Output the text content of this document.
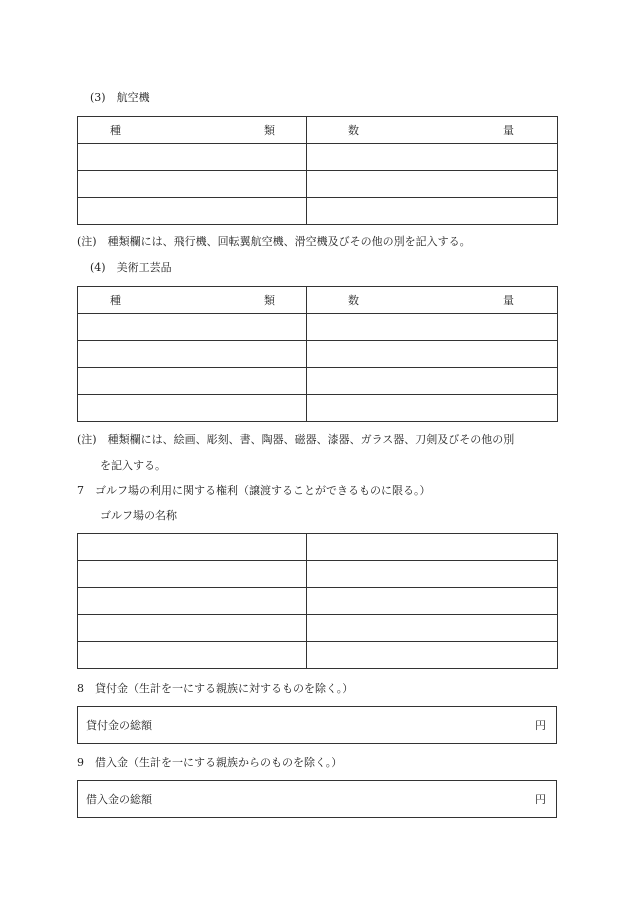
(3)　航空機
種 類	数 量

(注)　種類欄には、飛行機、回転翼航空機、滑空機及びその他の別を記入する。
(4)　美術工芸品
種 類	数 量

(注)　種類欄には、絵画、彫刻、書、陶器、磁器、漆器、ガラス器、刀剣及びその他の別
を記入する。
7　ゴルフ場の利用に関する権利（譲渡することができるものに限る。）
ゴルフ場の名称

8　貸付金（生計を一にする親族に対するものを除く。）
貸付金の総額	円
9　借入金（生計を一にする親族からのものを除く。）
借入金の総額	円
